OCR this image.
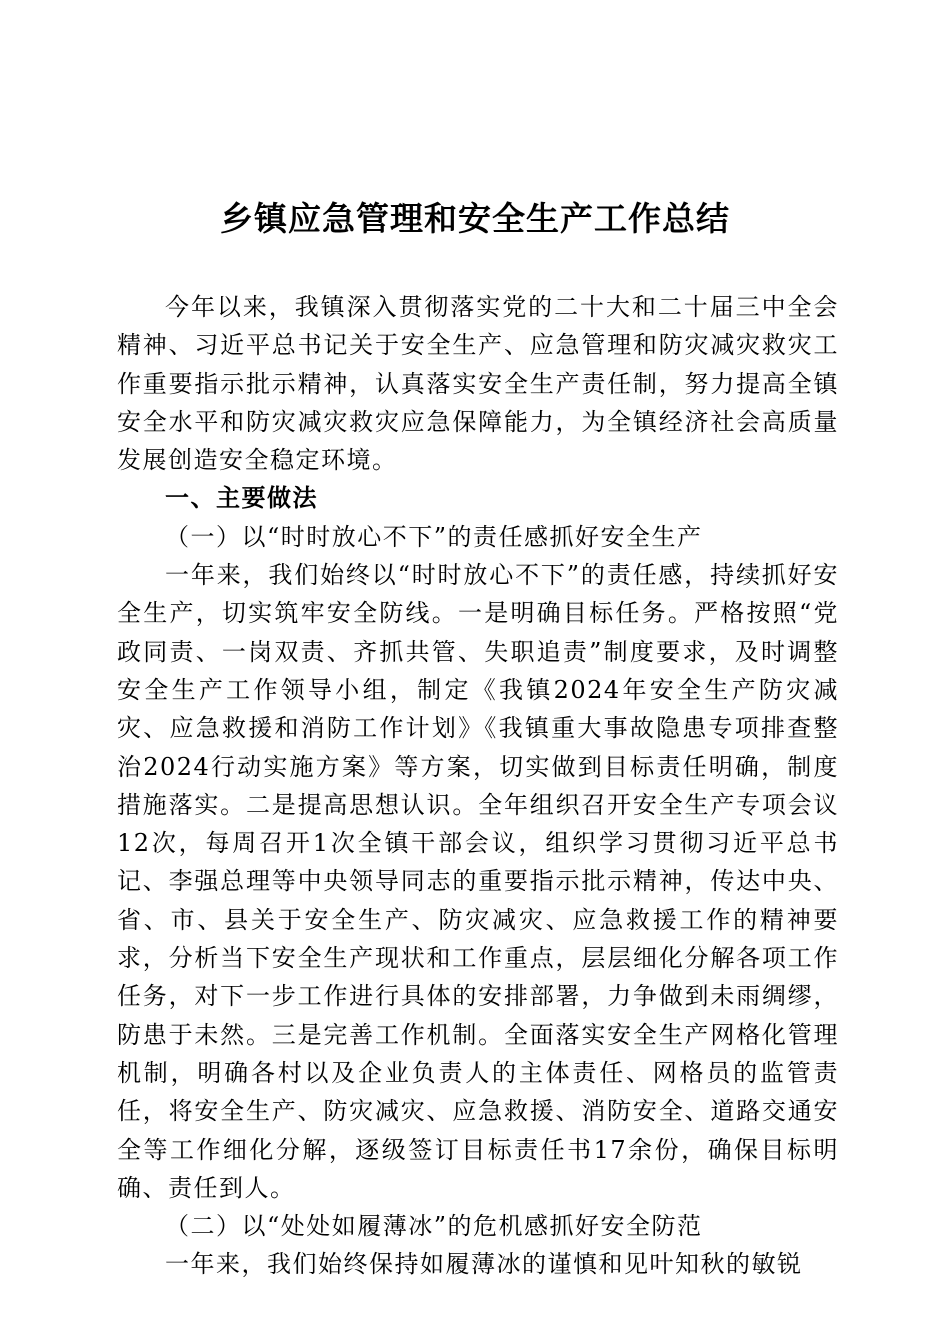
乡镇应急管理和安全生产工作总结

今年以来，我镇深入贯彻落实党的二十大和二十届三中全会精神、习近平总书记关于安全生产、应急管理和防灾减灾救灾工作重要指示批示精神，认真落实安全生产责任制，努力提高全镇安全水平和防灾减灾救灾应急保障能力，为全镇经济社会高质量发展创造安全稳定环境。

一、主要做法

（一）以“时时放心不下”的责任感抓好安全生产

一年来，我们始终以“时时放心不下”的责任感，持续抓好安全生产，切实筑牢安全防线。一是明确目标任务。严格按照“党政同责、一岗双责、齐抓共管、失职追责”制度要求，及时调整安全生产工作领导小组，制定《我镇2024年安全生产防灾减灾、应急救援和消防工作计划》《我镇重大事故隐患专项排查整治2024行动实施方案》等方案，切实做到目标责任明确，制度措施落实。二是提高思想认识。全年组织召开安全生产专项会议12次，每周召开1次全镇干部会议，组织学习贯彻习近平总书记、李强总理等中央领导同志的重要指示批示精神，传达中央、省、市、县关于安全生产、防灾减灾、应急救援工作的精神要求，分析当下安全生产现状和工作重点，层层细化分解各项工作任务，对下一步工作进行具体的安排部署，力争做到未雨绸缪，防患于未然。三是完善工作机制。全面落实安全生产网格化管理机制，明确各村以及企业负责人的主体责任、网格员的监管责任，将安全生产、防灾减灾、应急救援、消防安全、道路交通安全等工作细化分解，逐级签订目标责任书17余份，确保目标明确、责任到人。

（二）以“处处如履薄冰”的危机感抓好安全防范

一年来，我们始终保持如履薄冰的谨慎和见叶知秋的敏锐
